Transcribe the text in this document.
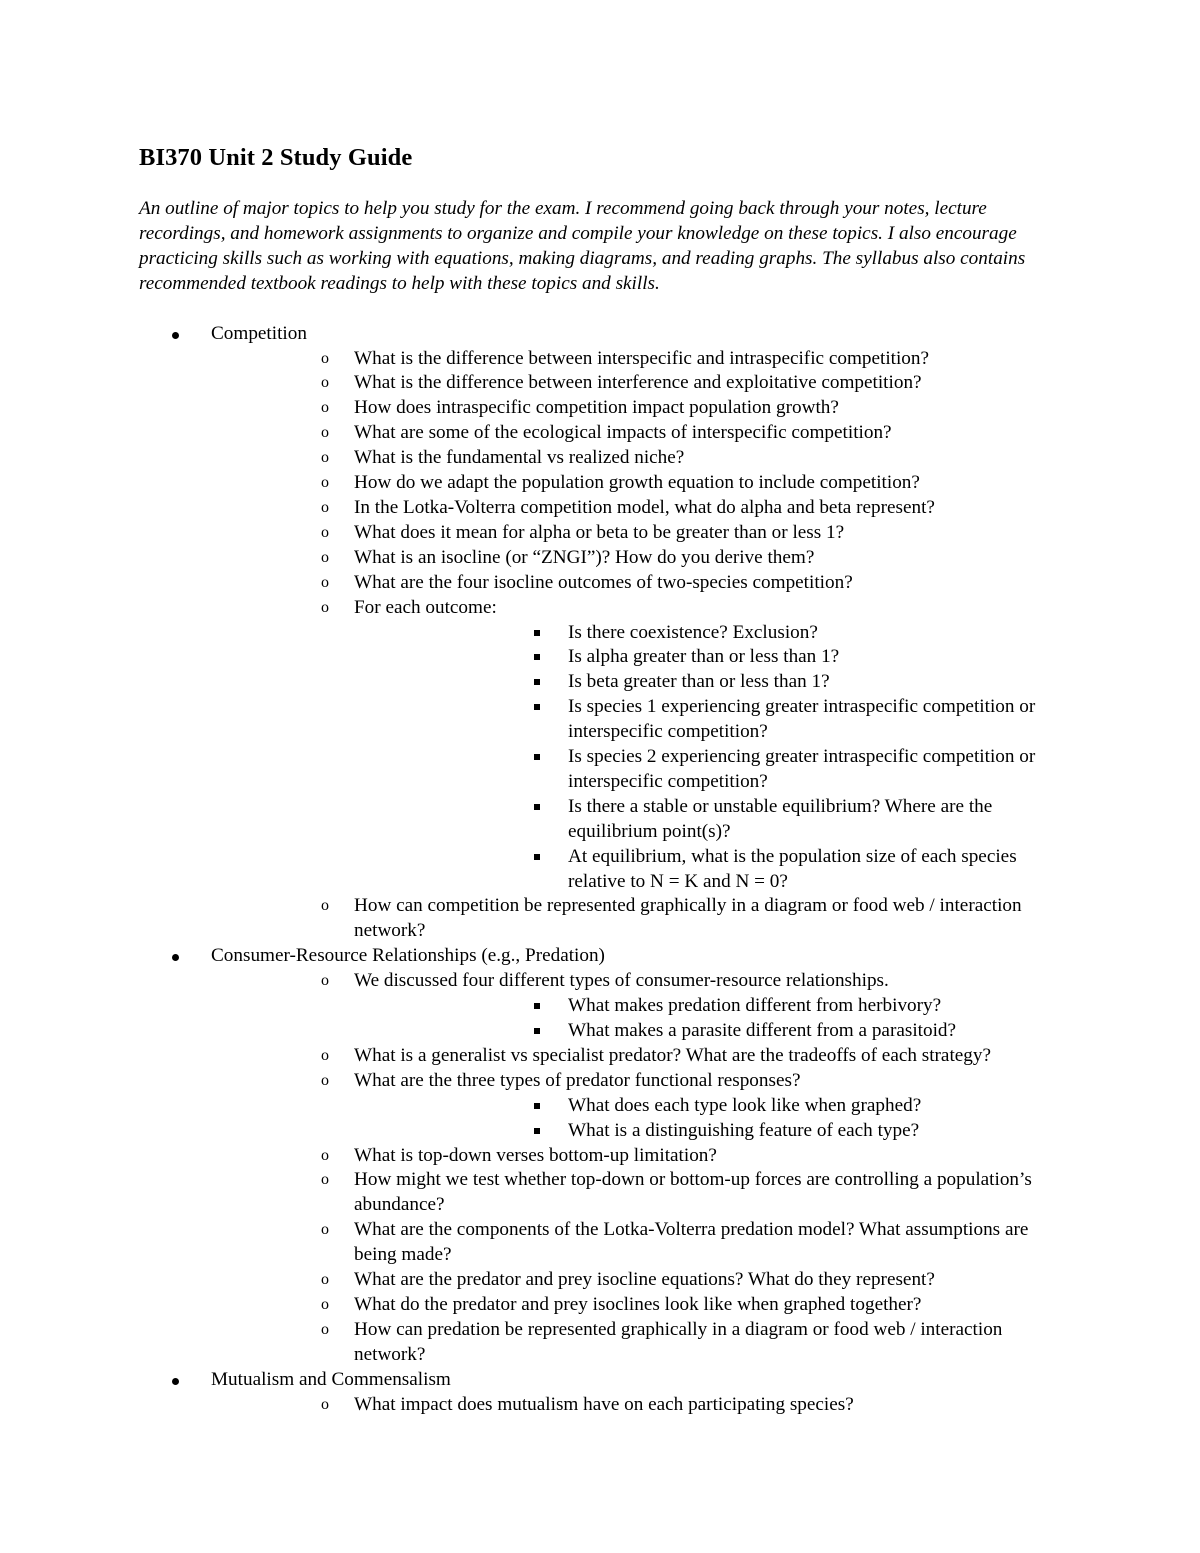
BI370 Unit 2 Study Guide
An outline of major topics to help you study for the exam. I recommend going back through your notes, lecture recordings, and homework assignments to organize and compile your knowledge on these topics. I also encourage practicing skills such as working with equations, making diagrams, and reading graphs. The syllabus also contains recommended textbook readings to help with these topics and skills.
Competition
o What is the difference between interspecific and intraspecific competition?
o What is the difference between interference and exploitative competition?
o How does intraspecific competition impact population growth?
o What are some of the ecological impacts of interspecific competition?
o What is the fundamental vs realized niche?
o How do we adapt the population growth equation to include competition?
o In the Lotka-Volterra competition model, what do alpha and beta represent?
o What does it mean for alpha or beta to be greater than or less 1?
o What is an isocline (or “ZNGI”)? How do you derive them?
o What are the four isocline outcomes of two-species competition?
o For each outcome:
Is there coexistence? Exclusion?
Is alpha greater than or less than 1?
Is beta greater than or less than 1?
Is species 1 experiencing greater intraspecific competition or interspecific competition?
Is species 2 experiencing greater intraspecific competition or interspecific competition?
Is there a stable or unstable equilibrium? Where are the equilibrium point(s)?
At equilibrium, what is the population size of each species relative to N = K and N = 0?
o How can competition be represented graphically in a diagram or food web / interaction network?
Consumer-Resource Relationships (e.g., Predation)
o We discussed four different types of consumer-resource relationships.
What makes predation different from herbivory?
What makes a parasite different from a parasitoid?
o What is a generalist vs specialist predator? What are the tradeoffs of each strategy?
o What are the three types of predator functional responses?
What does each type look like when graphed?
What is a distinguishing feature of each type?
o What is top-down verses bottom-up limitation?
o How might we test whether top-down or bottom-up forces are controlling a population’s abundance?
o What are the components of the Lotka-Volterra predation model? What assumptions are being made?
o What are the predator and prey isocline equations? What do they represent?
o What do the predator and prey isoclines look like when graphed together?
o How can predation be represented graphically in a diagram or food web / interaction network?
Mutualism and Commensalism
o What impact does mutualism have on each participating species?
